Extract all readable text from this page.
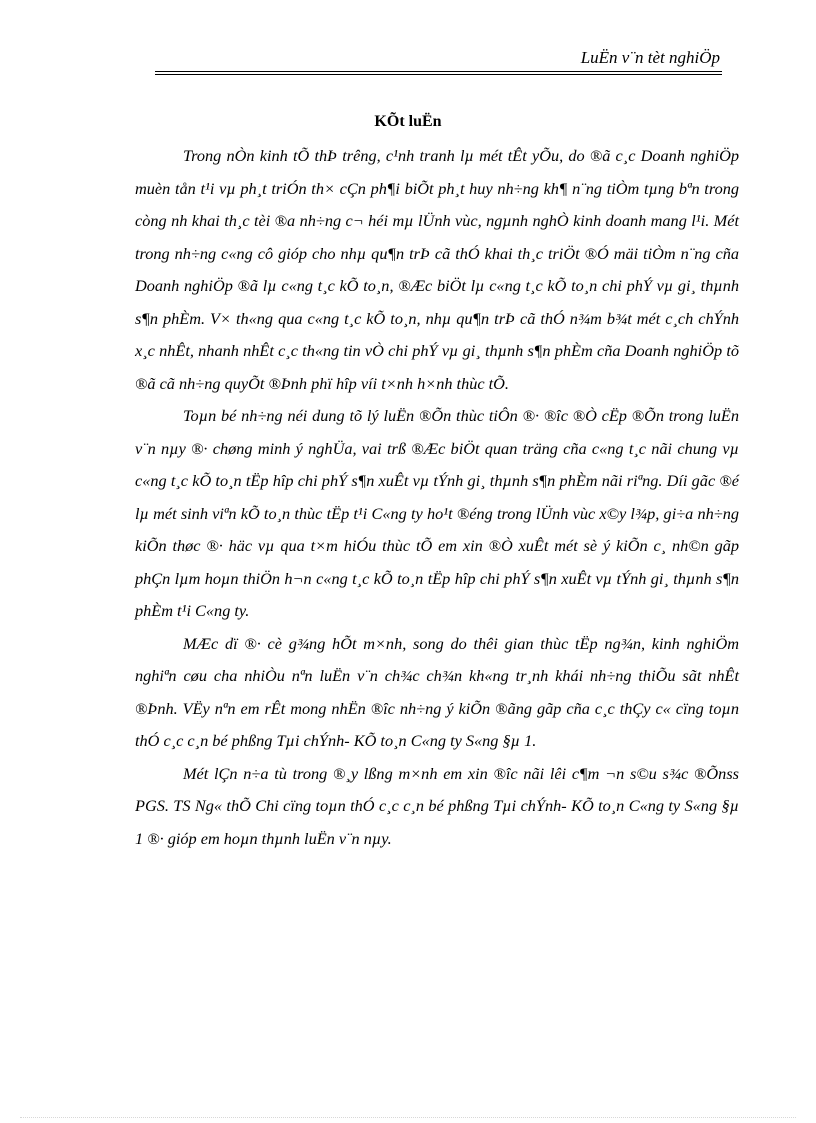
LuËn v¨n tèt nghiÖp
KÕt luËn

Trong nÒn kinh tÕ thÞ trêng, c¹nh tranh lµ mét tÊt yÕu, do ®ã c¸c Doanh nghiÖp muèn tån t¹i vµ ph¸t triÓn th× cÇn ph¶i biÕt ph¸t huy nh÷ng kh¶ n¨ng tiÒm tµng bªn trong còng nh khai th¸c tèi ®a nh÷ng c¬ héi mµ lÜnh vùc, ngµnh nghÒ kinh doanh mang l¹i. Mét trong nh÷ng c«ng cô gióp cho nhµ qu¶n trÞ cã thÓ khai th¸c triÖt ®Ó mäi tiÒm n¨ng cña Doanh nghiÖp ®ã lµ c«ng t¸c kÕ to¸n, ®Æc biÖt lµ c«ng t¸c kÕ to¸n chi phÝ vµ gi¸ thµnh s¶n phÈm. V× th«ng qua c«ng t¸c kÕ to¸n, nhµ qu¶n trÞ cã thÓ n¾m b¾t mét c¸ch chÝnh x¸c nhÊt, nhanh nhÊt c¸c th«ng tin vÒ chi phÝ vµ gi¸ thµnh s¶n phÈm cña Doanh nghiÖp tõ ®ã cã nh÷ng quyÕt ®Þnh phï hîp víi t×nh h×nh thùc tÕ.

Toµn bé nh÷ng néi dung tõ lý luËn ®Õn thùc tiÔn ®· ®îc ®Ò cËp ®Õn trong luËn v¨n nµy ®· chøng minh ý nghÜa, vai trß ®Æc biÖt quan träng cña c«ng t¸c nãi chung vµ c«ng t¸c kÕ to¸n tËp hîp chi phÝ s¶n xuÊt vµ tÝnh gi¸ thµnh s¶n phÈm nãi riªng. Díi gãc ®é lµ mét sinh viªn kÕ to¸n thùc tËp t¹i C«ng ty ho¹t ®éng trong lÜnh vùc x©y l¾p, gi÷a nh÷ng kiÕn thøc ®· häc vµ qua t×m hiÓu thùc tÕ em xin ®Ò xuÊt mét sè ý kiÕn c¸ nh©n gãp phÇn lµm hoµn thiÖn h¬n c«ng t¸c kÕ to¸n tËp hîp chi phÝ s¶n xuÊt vµ tÝnh gi¸ thµnh s¶n phÈm t¹i C«ng ty.

MÆc dï ®· cè g¾ng hÕt m×nh, song do thêi gian thùc tËp ng¾n, kinh nghiÖm nghiªn cøu cha nhiÒu nªn luËn v¨n ch¾c ch¾n kh«ng tr¸nh khái nh÷ng thiÕu sãt nhÊt ®Þnh. VËy nªn em rÊt mong nhËn ®îc nh÷ng ý kiÕn ®ãng gãp cña c¸c thÇy c« cïng toµn thÓ c¸c c¸n bé phßng Tµi chÝnh- KÕ to¸n C«ng ty S«ng §µ 1.

Mét lÇn n÷a tù trong ®¸y lßng m×nh em xin ®îc nãi lêi c¶m ¬n s©u s¾c ®Õnss PGS. TS Ng« thÕ Chi cïng toµn thÓ c¸c c¸n bé phßng Tµi chÝnh- KÕ to¸n C«ng ty S«ng §µ 1 ®· gióp em hoµn thµnh luËn v¨n nµy.
